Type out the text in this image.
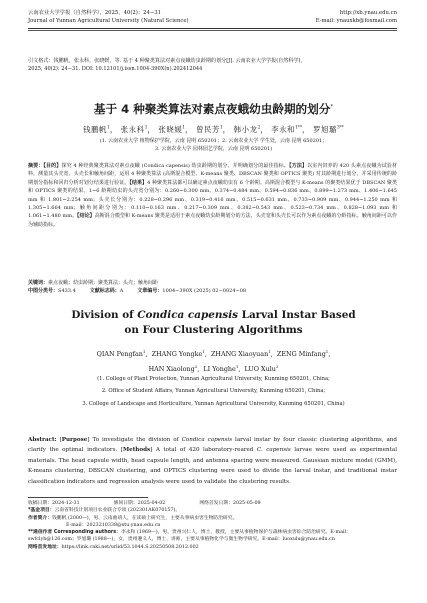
云南农业大学学报（自然科学），2025，40(2)：24−31	http://xb.ynau.edu.cn
Journal of Yunnan Agricultural University (Natural Science)	E-mail: ynauxkb@foxmail.com
引文格式：钱鹏帆，张永科，张晓媛，等. 基于 4 种聚类算法对素点夜蛾幼虫龄期的划分[J]. 云南农业大学学报(自然科学),
2025, 40(2): 24−31. DOI: 10.12101/j.issn.1004-390X(n).202412044
基于 4 种聚类算法对素点夜蛾幼虫龄期的划分*
钱鹏帆$^1$， 张永科$^1$， 张晓媛$^1$， 曾民芳$^1$， 韩小龙$^2$， 李永和$^{1**}$， 罗旭璐$^{3**}$
(1. 云南农业大学 植物保护学院，云南 昆明 650201；2. 云南农业大学 学生处，云南 昆明 650201；
3. 云南农业大学 园林园艺学院，云南 昆明 650201)
摘要：【目的】探究 4 种经典聚类算法对素点夜蛾 (Condica capensis) 幼虫龄期的划分，并明确划分的最佳指标。【方法】以室内饲养的 420 头素点夜蛾为试验材料，测量其头壳宽、头壳长和触角间距，运用 4 种聚类算法 (高斯混合模型、K-means 聚类、DBSCAN 聚类和 OPTICS 聚类) 对其龄期进行划分，并采用传统的龄期划分指标和回归分析对划分结果进行验证。【结果】4 种聚类算法都可以确定素点夜蛾幼虫有 6 个龄期。高斯混合模型与 K-means 的聚类结果优于 DBSCAN 聚类和 OPTICS 聚类的结果。1~6 龄期幼虫的头壳宽分别为：0.260~0.300 mm、0.374~0.484 mm、0.594~0.836 mm、0.899~1.273 mm、1.406~1.645 mm 和 1.801~2.254 mm；头壳长分别为：0.228~0.296 mm、0.319~0.416 mm、0.515~0.631 mm、0.733~0.909 mm、0.944~1.250 mm 和 1.305~1.664 mm；触角间距分别为：0.110~0.163 mm、0.217~0.309 mm、0.382~0.543 mm、0.523~0.734 mm、0.828~1.093 mm 和 1.061~1.480 mm。【结论】高斯混合模型和 K-means 聚类是适用于素点夜蛾幼虫龄期划分的方法，头壳宽和头壳长可以作为素点夜蛾的分龄指标，触角间距可以作为辅助指标。
关键词：素点夜蛾；幼虫龄期；聚类算法；头壳；触角间距
中图分类号：S433.4	文献标志码：A	文章编号：1004−390X (2025) 02−0024−08
Division of Condica capensis Larval Instar Based
on Four Clustering Algorithms
QIAN Pengfan$^1$,  ZHANG Yongke$^1$,  ZHANG Xiaoyuan$^1$,  ZENG Minfang$^1$,
HAN Xiaolong$^2$,  LI Yonghe$^1$,  LUO Xulu$^3$
(1. College of Plant Protection, Yunnan Agricultural University, Kunming 650201, China;
2. Office of Student Affairs, Yunnan Agricultural University, Kunming 650201, China;
3. College of Landscape and Horticulture, Yunnan Agricultural University, Kunming 650201, China)
Abstract: [Purpose] To investigate the division of Condica capensis larval instar by four classic clustering algorithms, and clarify the optimal indicators. [Methods] A total of 420 laboratory-reared C. capensis larvae were used as experimental materials. The head capsule width, head capsule length, and antenna spacing were measured. Gaussian mixture model (GMM), K-means clustering, DBSCAN clustering, and OPTICS clustering were used to divide the larval instar, and traditional instar classification indicators and regression analysis were used to validate the clustering results.
收稿日期：2024-12-31	修回日期：2025-04-02	网络首发日期：2025-05-09

*基金项目：云南省科技计划项目农业联合专项 (202301AK070157)。

作者简介：钱鹏帆 (2000—)，男，云南曲靖人，在读硕士研究生，主要从事病虫害生物防治研究。

E-mail：2023210338@stu.ynau.edu.cn

**通信作者 Corresponding authors：李永和 (1969—)，男，贵州兴仁人，博士，教授，主要从事植物保护与森林病虫害综合防治研究。E-mail：swfclyh@126.com；罗旭璐 (1988—)，女，贵州遵义人，博士，讲师，主要从事植物化学与微生物学研究。E-mail：luoxulu@ynau.edu.cn

网络首发地址：https://link.cnki.net/urlid/53.1044.S.20250508.2012.002
